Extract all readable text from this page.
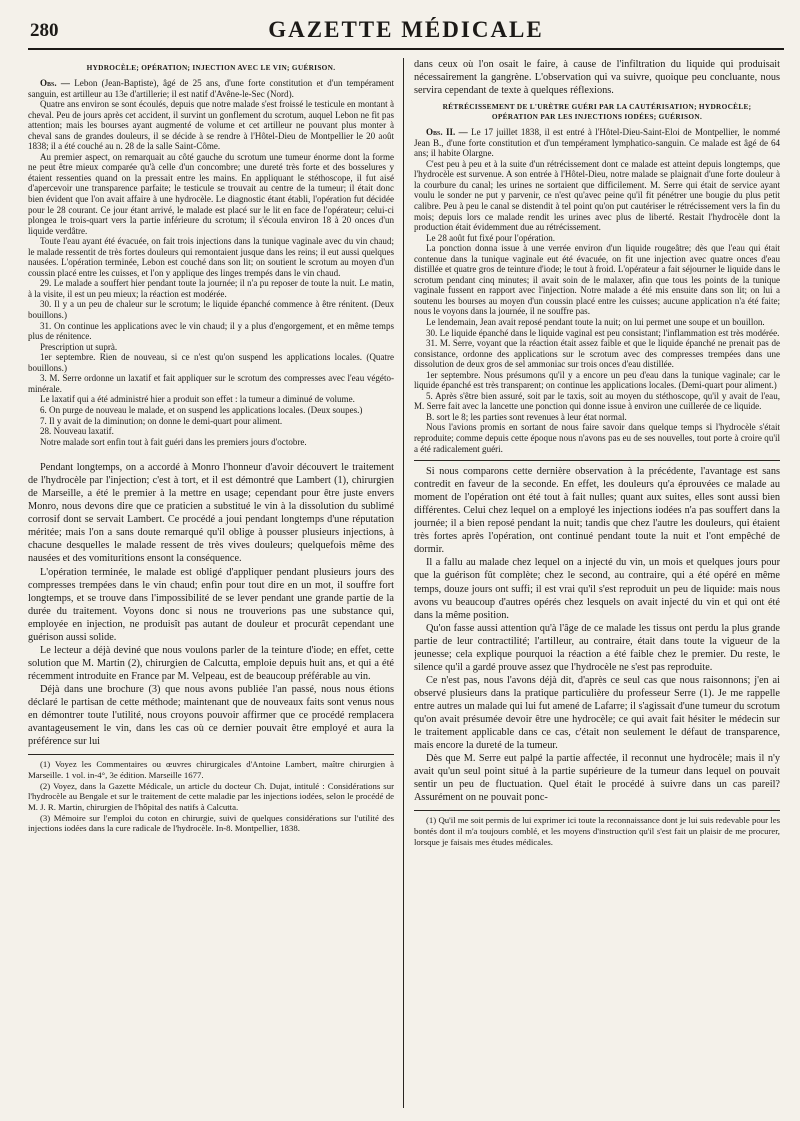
280	GAZETTE MÉDICALE
HYDROCÈLE; OPÉRATION; INJECTION AVEC LE VIN; GUÉRISON.

Obs. — Lebon (Jean-Baptiste), âgé de 25 ans, d'une forte constitution et d'un tempérament sanguin, est artilleur au 13e d'artillerie; il est natif d'Avêne-le-Sec (Nord).

Quatre ans environ se sont écoulés, depuis que notre malade s'est froissé le testicule en montant à cheval. Peu de jours après cet accident, il survint un gonflement du scrotum, auquel Lebon ne fit pas attention; mais les bourses ayant augmenté de volume et cet artilleur ne pouvant plus monter à cheval sans de grandes douleurs, il se décide à se rendre à l'Hôtel-Dieu de Montpellier le 20 août 1838; il a été couché au n. 28 de la salle Saint-Côme.

Au premier aspect, on remarquait au côté gauche du scrotum une tumeur énorme dont la forme ne peut être mieux comparée qu'à celle d'un concombre; une dureté très forte et des bosselures y étaient ressenties quand on la pressait entre les mains. En appliquant le stéthoscope, il fut aisé d'apercevoir une transparence parfaite; le testicule se trouvait au centre de la tumeur; il était donc bien évident que l'on avait affaire à une hydrocèle. Le diagnostic étant établi, l'opération fut décidée pour le 28 courant. Ce jour étant arrivé, le malade est placé sur le lit en face de l'opérateur; celui-ci plongea le trois-quart vers la partie inférieure du scrotum; il s'écoula environ 18 à 20 onces d'un liquide verdâtre.

Toute l'eau ayant été évacuée, on fait trois injections dans la tunique vaginale avec du vin chaud; le malade ressentit de très fortes douleurs qui remontaient jusque dans les reins; il eut aussi quelques nausées. L'opération terminée, Lebon est couché dans son lit; on soutient le scrotum au moyen d'un coussin placé entre les cuisses, et l'on y applique des linges trempés dans le vin chaud.

29. Le malade a souffert hier pendant toute la journée; il n'a pu reposer de toute la nuit. Le matin, à la visite, il est un peu mieux; la réaction est modérée.

30. Il y a un peu de chaleur sur le scrotum; le liquide épanché commence à être rénitent. (Deux bouillons.)

31. On continue les applications avec le vin chaud; il y a plus d'engorgement, et en même temps plus de rénitence.

Prescription ut suprà.

1er septembre. Rien de nouveau, si ce n'est qu'on suspend les applications locales. (Quatre bouillons.)

3. M. Serre ordonne un laxatif et fait appliquer sur le scrotum des compresses avec l'eau végéto-minérale.

Le laxatif qui a été administré hier a produit son effet : la tumeur a diminué de volume.

6. On purge de nouveau le malade, et on suspend les applications locales. (Deux soupes.)

7. Il y avait de la diminution; on donne le demi-quart pour aliment.

28. Nouveau laxatif.

Notre malade sort enfin tout à fait guéri dans les premiers jours d'octobre.

Pendant longtemps, on a accordé à Monro l'honneur d'avoir découvert le traitement de l'hydrocèle par l'injection; c'est à tort, et il est démontré que Lambert (1), chirurgien de Marseille, a été le premier à la mettre en usage; cependant pour être juste envers Monro, nous devons dire que ce praticien a substitué le vin à la dissolution du sublimé corrosif dont se servait Lambert. Ce procédé a joui pendant longtemps d'une réputation méritée; mais l'on a sans doute remarqué qu'il oblige à pousser plusieurs injections, à chacune desquelles le malade ressent de très vives douleurs; quelquefois même des nausées et des vomituritions ensont la conséquence.

L'opération terminée, le malade est obligé d'appliquer pendant plusieurs jours des compresses trempées dans le vin chaud; enfin pour tout dire en un mot, il souffre fort longtemps, et se trouve dans l'impossibilité de se lever pendant une grande partie de la durée du traitement. Voyons donc si nous ne trouverions pas une substance qui, employée en injection, ne produisît pas autant de douleur et procurât cependant une guérison aussi solide.

Le lecteur a déjà deviné que nous voulons parler de la teinture d'iode; en effet, cette solution que M. Martin (2), chirurgien de Calcutta, emploie depuis huit ans, et qui a été récemment introduite en France par M. Velpeau, est de beaucoup préférable au vin.

Déjà dans une brochure (3) que nous avons publiée l'an passé, nous nous étions déclaré le partisan de cette méthode; maintenant que de nouveaux faits sont venus nous en démontrer toute l'utilité, nous croyons pouvoir affirmer que ce procédé remplacera avantageusement le vin, dans les cas où ce dernier pouvait être employé et aura la préférence sur lui

(1) Voyez les Commentaires ou œuvres chirurgicales d'Antoine Lambert, maître chirurgien à Marseille. 1 vol. in-4°, 3e édition. Marseille 1677.

(2) Voyez, dans la Gazette Médicale, un article du docteur Ch. Dujat, intitulé : Considérations sur l'hydrocèle au Bengale et sur le traitement de cette maladie par les injections iodées, selon le procédé de M. J. R. Martin, chirurgien de l'hôpital des natifs à Calcutta.

(3) Mémoire sur l'emploi du coton en chirurgie, suivi de quelques considérations sur l'utilité des injections iodées dans la cure radicale de l'hydrocèle. In-8. Montpellier, 1838.

dans ceux où l'on osait le faire, à cause de l'infiltration du liquide qui produisait nécessairement la gangrène. L'observation qui va suivre, quoique peu concluante, nous servira cependant de texte à quelques réflexions.

RÉTRÉCISSEMENT DE L'URÈTRE GUÉRI PAR LA CAUTÉRISATION; HYDROCÈLE; OPÉRATION PAR LES INJECTIONS IODÉES; GUÉRISON.

Obs. II. — Le 17 juillet 1838, il est entré à l'Hôtel-Dieu-Saint-Eloi de Montpellier, le nommé Jean B., d'une forte constitution et d'un tempérament lymphatico-sanguin. Ce malade est âgé de 64 ans; il habite Olargne.

C'est peu à peu et à la suite d'un rétrécissement dont ce malade est atteint depuis longtemps, que l'hydrocèle est survenue. A son entrée à l'Hôtel-Dieu, notre malade se plaignait d'une forte douleur à la courbure du canal; les urines ne sortaient que difficilement. M. Serre qui était de service ayant voulu le sonder ne put y parvenir, ce n'est qu'avec peine qu'il fit pénétrer une bougie du plus petit calibre. Peu à peu le canal se distendit à tel point qu'on put cautériser le rétrécissement vers la fin du mois; depuis lors ce malade rendit les urines avec plus de liberté. Restait l'hydrocèle dont la production était évidemment due au rétrécissement.

Le 28 août fut fixé pour l'opération.

La ponction donna issue à une verrée environ d'un liquide rougeâtre; dès que l'eau qui était contenue dans la tunique vaginale eut été évacuée, on fit une injection avec quatre onces d'eau distillée et quatre gros de teinture d'iode; le tout à froid. L'opérateur a fait séjourner le liquide dans le scrotum pendant cinq minutes; il avait soin de le malaxer, afin que tous les points de la tunique vaginale fussent en rapport avec l'injection. Notre malade a été mis ensuite dans son lit; on lui a soutenu les bourses au moyen d'un coussin placé entre les cuisses; aucune application n'a été faite; nous le voyons dans la journée, il ne souffre pas.

Le lendemain, Jean avait reposé pendant toute la nuit; on lui permet une soupe et un bouillon.

30. Le liquide épanché dans le liquide vaginal est peu consistant; l'inflammation est très modérée.

31. M. Serre, voyant que la réaction était assez faible et que le liquide épanché ne prenait pas de consistance, ordonne des applications sur le scrotum avec des compresses trempées dans une dissolution de deux gros de sel ammoniac sur trois onces d'eau distillée.

1er septembre. Nous présumons qu'il y a encore un peu d'eau dans la tunique vaginale; car le liquide épanché est très transparent; on continue les applications locales. (Demi-quart pour aliment.)

5. Après s'être bien assuré, soit par le taxis, soit au moyen du stéthoscope, qu'il y avait de l'eau, M. Serre fait avec la lancette une ponction qui donne issue à environ une cuillerée de ce liquide.

B. sort le 8; les parties sont revenues à leur état normal.

Nous l'avions promis en sortant de nous faire savoir dans quelque temps si l'hydrocèle s'était reproduite; comme depuis cette époque nous n'avons pas eu de ses nouvelles, tout porte à croire qu'il a été radicalement guéri.

Si nous comparons cette dernière observation à la précédente, l'avantage est sans contredit en faveur de la seconde. En effet, les douleurs qu'a éprouvées ce malade au moment de l'opération ont été tout à fait nulles; quant aux suites, elles sont aussi bien différentes. Celui chez lequel on a employé les injections iodées n'a pas souffert dans la journée; il a bien reposé pendant la nuit; tandis que chez l'autre les douleurs, qui étaient très fortes après l'opération, ont continué pendant toute la nuit et l'ont empêché de dormir.

Il a fallu au malade chez lequel on a injecté du vin, un mois et quelques jours pour que la guérison fût complète; chez le second, au contraire, qui a été opéré en même temps, douze jours ont suffi; il est vrai qu'il s'est reproduit un peu de liquide: mais nous avons vu beaucoup d'autres opérés chez lesquels on avait injecté du vin et qui ont été dans la même position.

Qu'on fasse aussi attention qu'à l'âge de ce malade les tissus ont perdu la plus grande partie de leur contractilité; l'artilleur, au contraire, était dans toute la vigueur de la jeunesse; cela explique pourquoi la réaction a été faible chez le premier. Du reste, le silence qu'il a gardé prouve assez que l'hydrocèle ne s'est pas reproduite.

Ce n'est pas, nous l'avons déjà dit, d'après ce seul cas que nous raisonnons; j'en ai observé plusieurs dans la pratique particulière du professeur Serre (1). Je me rappelle entre autres un malade qui lui fut amené de Lafarre; il s'agissait d'une tumeur du scrotum qu'on avait présumée devoir être une hydrocèle; ce qui avait fait hésiter le médecin sur le traitement applicable dans ce cas, c'était non seulement le défaut de transparence, mais encore la dureté de la tumeur.

Dès que M. Serre eut palpé la partie affectée, il reconnut une hydrocèle; mais il n'y avait qu'un seul point situé à la partie supérieure de la tumeur dans lequel on pouvait sentir un peu de fluctuation. Quel était le procédé à suivre dans un cas pareil? Assurément on ne pouvait ponc-

(1) Qu'il me soit permis de lui exprimer ici toute la reconnaissance dont je lui suis redevable pour les bontés dont il m'a toujours comblé, et les moyens d'instruction qu'il s'est fait un plaisir de me procurer, lorsque je faisais mes études médicales.
